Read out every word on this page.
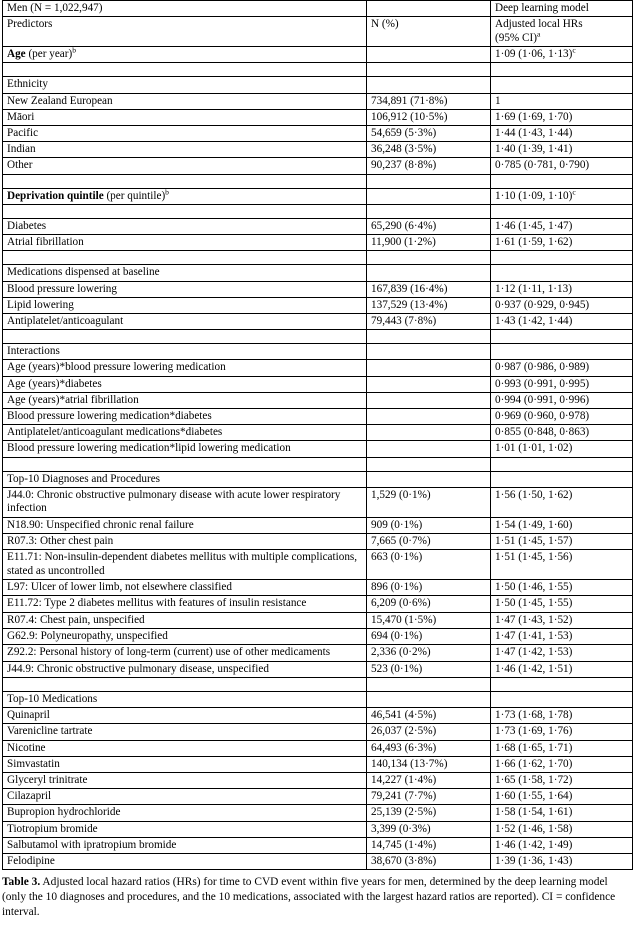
Men (N = 1,022,947)		Deep learning model
Predictors	N (%)	Adjusted local HRs
(95% CI)$^a$
Age (per year)$^b$		1·09 (1·06, 1·13)$^c$

Ethnicity		
New Zealand European	734,891 (71·8%)	1
Māori	106,912 (10·5%)	1·69 (1·69, 1·70)
Pacific	54,659 (5·3%)	1·44 (1·43, 1·44)
Indian	36,248 (3·5%)	1·40 (1·39, 1·41)
Other	90,237 (8·8%)	0·785 (0·781, 0·790)

Deprivation quintile (per quintile)$^b$		1·10 (1·09, 1·10)$^c$

Diabetes	65,290 (6·4%)	1·46 (1·45, 1·47)
Atrial fibrillation	11,900 (1·2%)	1·61 (1·59, 1·62)

Medications dispensed at baseline		
Blood pressure lowering	167,839 (16·4%)	1·12 (1·11, 1·13)
Lipid lowering	137,529 (13·4%)	0·937 (0·929, 0·945)
Antiplatelet/anticoagulant	79,443 (7·8%)	1·43 (1·42, 1·44)

Interactions		
Age (years)*blood pressure lowering medication		0·987 (0·986, 0·989)
Age (years)*diabetes		0·993 (0·991, 0·995)
Age (years)*atrial fibrillation		0·994 (0·991, 0·996)
Blood pressure lowering medication*diabetes		0·969 (0·960, 0·978)
Antiplatelet/anticoagulant medications*diabetes		0·855 (0·848, 0·863)
Blood pressure lowering medication*lipid lowering medication		1·01 (1·01, 1·02)

Top-10 Diagnoses and Procedures		
J44.0: Chronic obstructive pulmonary disease with acute lower respiratory infection	1,529 (0·1%)	1·56 (1·50, 1·62)
N18.90: Unspecified chronic renal failure	909 (0·1%)	1·54 (1·49, 1·60)
R07.3: Other chest pain	7,665 (0·7%)	1·51 (1·45, 1·57)
E11.71: Non-insulin-dependent diabetes mellitus with multiple complications, stated as uncontrolled	663 (0·1%)	1·51 (1·45, 1·56)
L97: Ulcer of lower limb, not elsewhere classified	896 (0·1%)	1·50 (1·46, 1·55)
E11.72: Type 2 diabetes mellitus with features of insulin resistance	6,209 (0·6%)	1·50 (1·45, 1·55)
R07.4: Chest pain, unspecified	15,470 (1·5%)	1·47 (1·43, 1·52)
G62.9: Polyneuropathy, unspecified	694 (0·1%)	1·47 (1·41, 1·53)
Z92.2: Personal history of long-term (current) use of other medicaments	2,336 (0·2%)	1·47 (1·42, 1·53)
J44.9: Chronic obstructive pulmonary disease, unspecified	523 (0·1%)	1·46 (1·42, 1·51)

Top-10 Medications		
Quinapril	46,541 (4·5%)	1·73 (1·68, 1·78)
Varenicline tartrate	26,037 (2·5%)	1·73 (1·69, 1·76)
Nicotine	64,493 (6·3%)	1·68 (1·65, 1·71)
Simvastatin	140,134 (13·7%)	1·66 (1·62, 1·70)
Glyceryl trinitrate	14,227 (1·4%)	1·65 (1·58, 1·72)
Cilazapril	79,241 (7·7%)	1·60 (1·55, 1·64)
Bupropion hydrochloride	25,139 (2·5%)	1·58 (1·54, 1·61)
Tiotropium bromide	3,399 (0·3%)	1·52 (1·46, 1·58)
Salbutamol with ipratropium bromide	14,745 (1·4%)	1·46 (1·42, 1·49)
Felodipine	38,670 (3·8%)	1·39 (1·36, 1·43)
Table 3. Adjusted local hazard ratios (HRs) for time to CVD event within five years for men, determined by the deep learning model (only the 10 diagnoses and procedures, and the 10 medications, associated with the largest hazard ratios are reported). CI = confidence interval.
